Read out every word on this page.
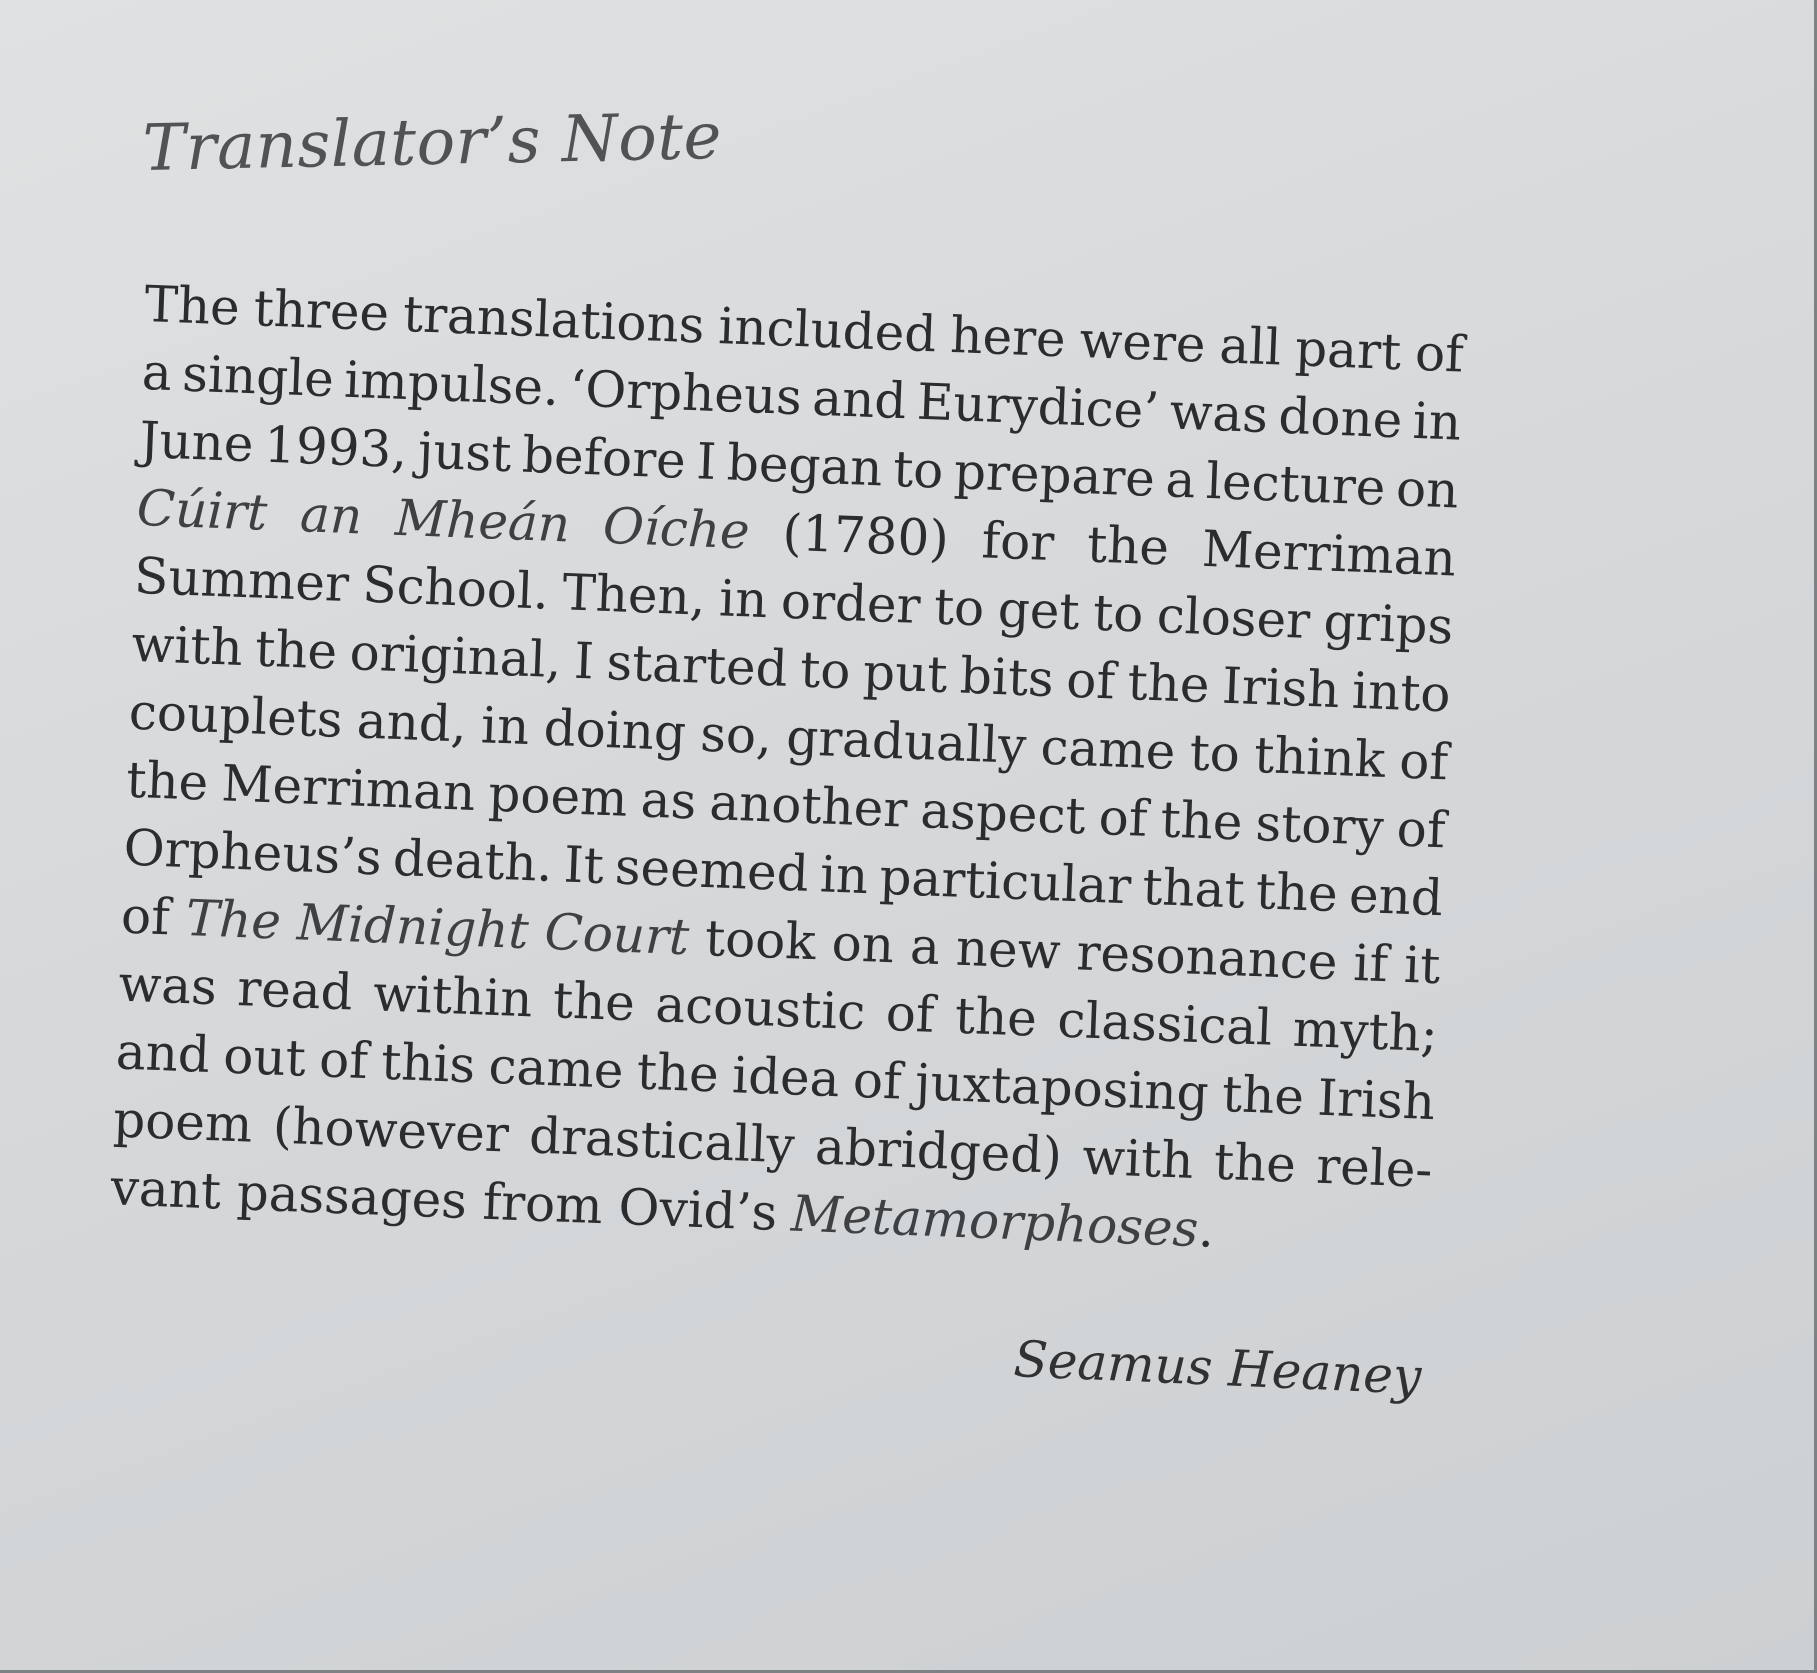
Translator’s Note
The three translations included here were all part of
a single impulse. ‘Orpheus and Eurydice’ was done in
June 1993, just before I began to prepare a lecture on
Cúirt an Mheán Oíche (1780) for the Merriman
Summer School. Then, in order to get to closer grips
with the original, I started to put bits of the Irish into
couplets and, in doing so, gradually came to think of
the Merriman poem as another aspect of the story of
Orpheus’s death. It seemed in particular that the end
of The Midnight Court took on a new resonance if it
was read within the acoustic of the classical myth;
and out of this came the idea of juxtaposing the Irish
poem (however drastically abridged) with the rele-
vant passages from Ovid’s Metamorphoses
.
Seamus Heaney
